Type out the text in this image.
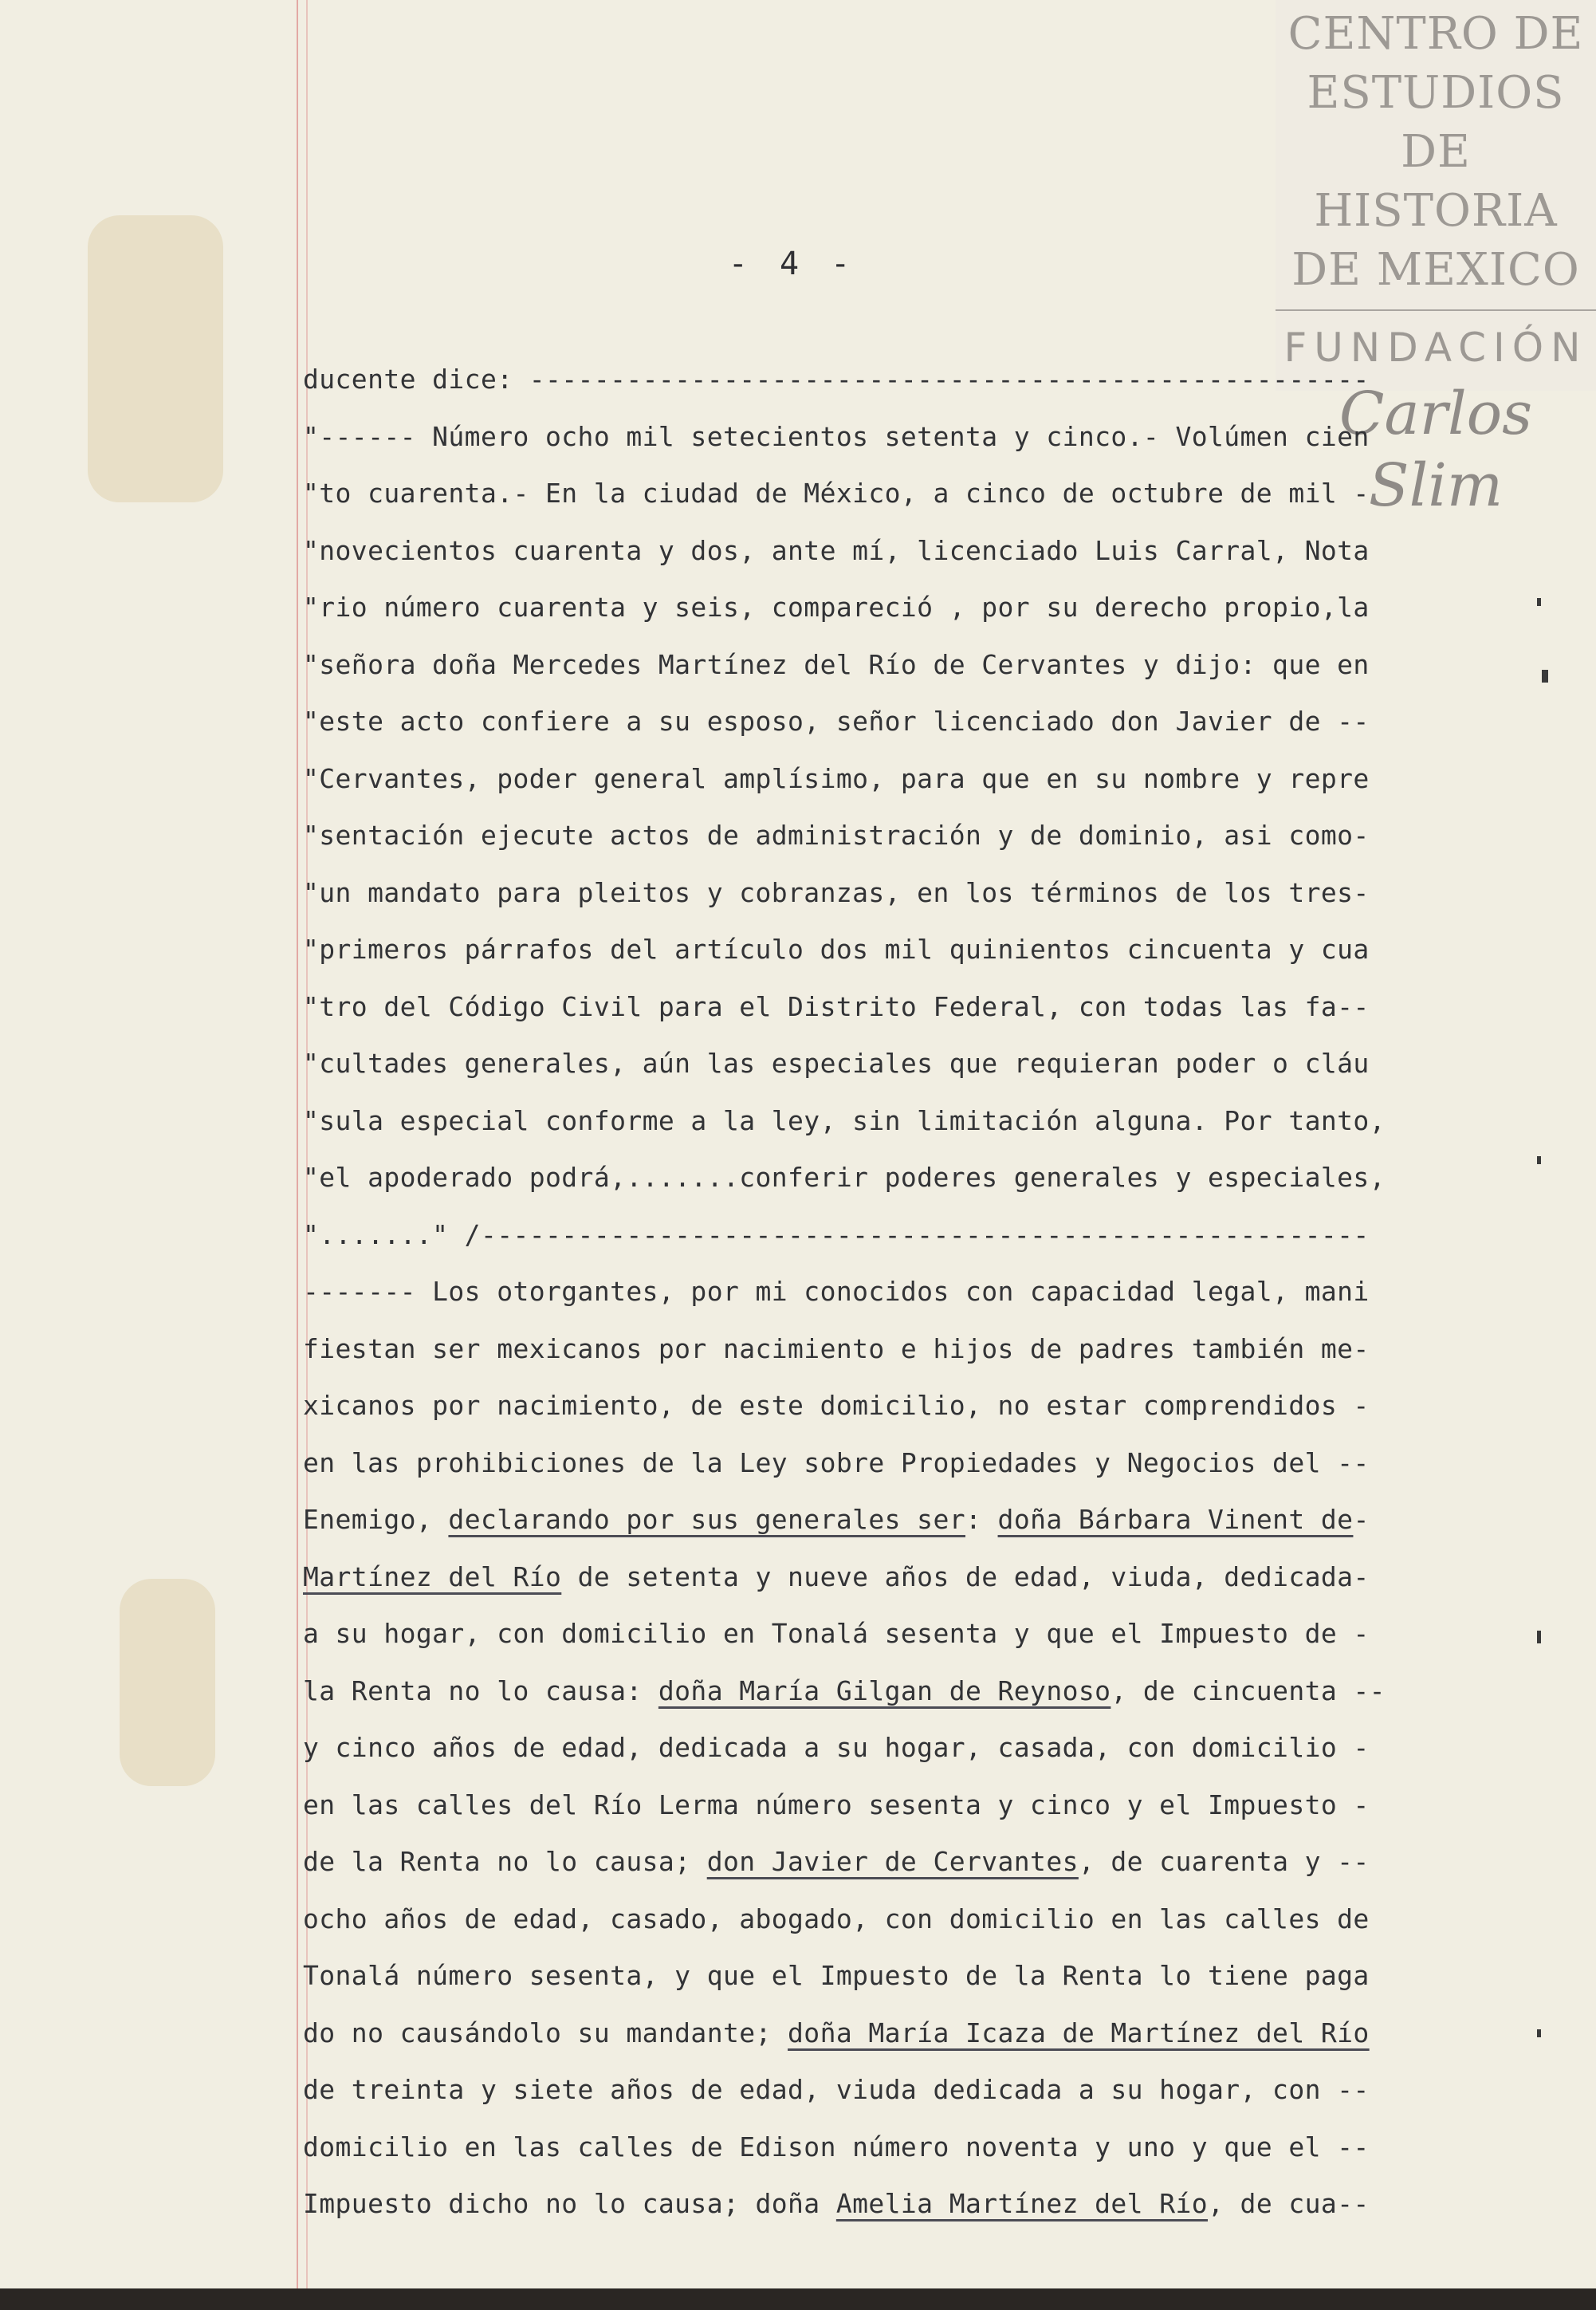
CENTRO DE
ESTUDIOS
DE HISTORIA
DE MEXICO
FUNDACIÓN
Carlos Slim
- 4 -
ducente dice: ----------------------------------------------------
"------ Número ocho mil setecientos setenta y cinco.- Volúmen cien
"to cuarenta.- En la ciudad de México, a cinco de octubre de mil -
"novecientos cuarenta y dos, ante mí, licenciado Luis Carral, Nota
"rio número cuarenta y seis, compareció , por su derecho propio,la
"señora doña Mercedes Martínez del Río de Cervantes y dijo: que en
"este acto confiere a su esposo, señor licenciado don Javier de --
"Cervantes, poder general amplísimo, para que en su nombre y repre
"sentación ejecute actos de administración y de dominio, asi como-
"un mandato para pleitos y cobranzas, en los términos de los tres-
"primeros párrafos del artículo dos mil quinientos cincuenta y cua
"tro del Código Civil para el Distrito Federal, con todas las fa--
"cultades generales, aún las especiales que requieran poder o cláu
"sula especial conforme a la ley, sin limitación alguna. Por tanto,
"el apoderado podrá,.......conferir poderes generales y especiales,
"......." /-------------------------------------------------------
------- Los otorgantes, por mi conocidos con capacidad legal, mani
fiestan ser mexicanos por nacimiento e hijos de padres también me-
xicanos por nacimiento, de este domicilio, no estar comprendidos -
en las prohibiciones de la Ley sobre Propiedades y Negocios del --
Enemigo, declarando por sus generales ser: doña Bárbara Vinent de-
Martínez del Río de setenta y nueve años de edad, viuda, dedicada-
a su hogar, con domicilio en Tonalá sesenta y que el Impuesto de -
la Renta no lo causa: doña María Gilgan de Reynoso, de cincuenta --
y cinco años de edad, dedicada a su hogar, casada, con domicilio -
en las calles del Río Lerma número sesenta y cinco y el Impuesto -
de la Renta no lo causa; don Javier de Cervantes, de cuarenta y --
ocho años de edad, casado, abogado, con domicilio en las calles de
Tonalá número sesenta, y que el Impuesto de la Renta lo tiene paga
do no causándolo su mandante; doña María Icaza de Martínez del Río
de treinta y siete años de edad, viuda dedicada a su hogar, con --
domicilio en las calles de Edison número noventa y uno y que el --
Impuesto dicho no lo causa; doña Amelia Martínez del Río, de cua--
